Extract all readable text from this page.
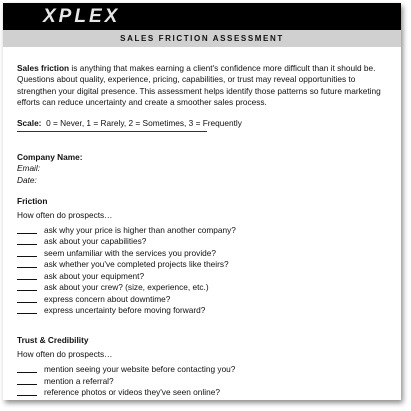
XPLEX
SALES FRICTION ASSESSMENT

Sales friction is anything that makes earning a client's confidence more difficult than it should be. Questions about quality, experience, pricing, capabilities, or trust may reveal opportunities to strengthen your digital presence. This assessment helps identify those patterns so future marketing efforts can reduce uncertainty and create a smoother sales process.

Scale: 0 = Never, 1 = Rarely, 2 = Sometimes, 3 = Frequently

Company Name:
Email:
Date:
Friction
How often do prospects…
ask why your price is higher than another company?
ask about your capabilities?
seem unfamiliar with the services you provide?
ask whether you've completed projects like theirs?
ask about your equipment?
ask about your crew? (size, experience, etc.)
express concern about downtime?
express uncertainty before moving forward?
Trust & Credibility
How often do prospects…
mention seeing your website before contacting you?
mention a referral?
reference photos or videos they've seen online?
